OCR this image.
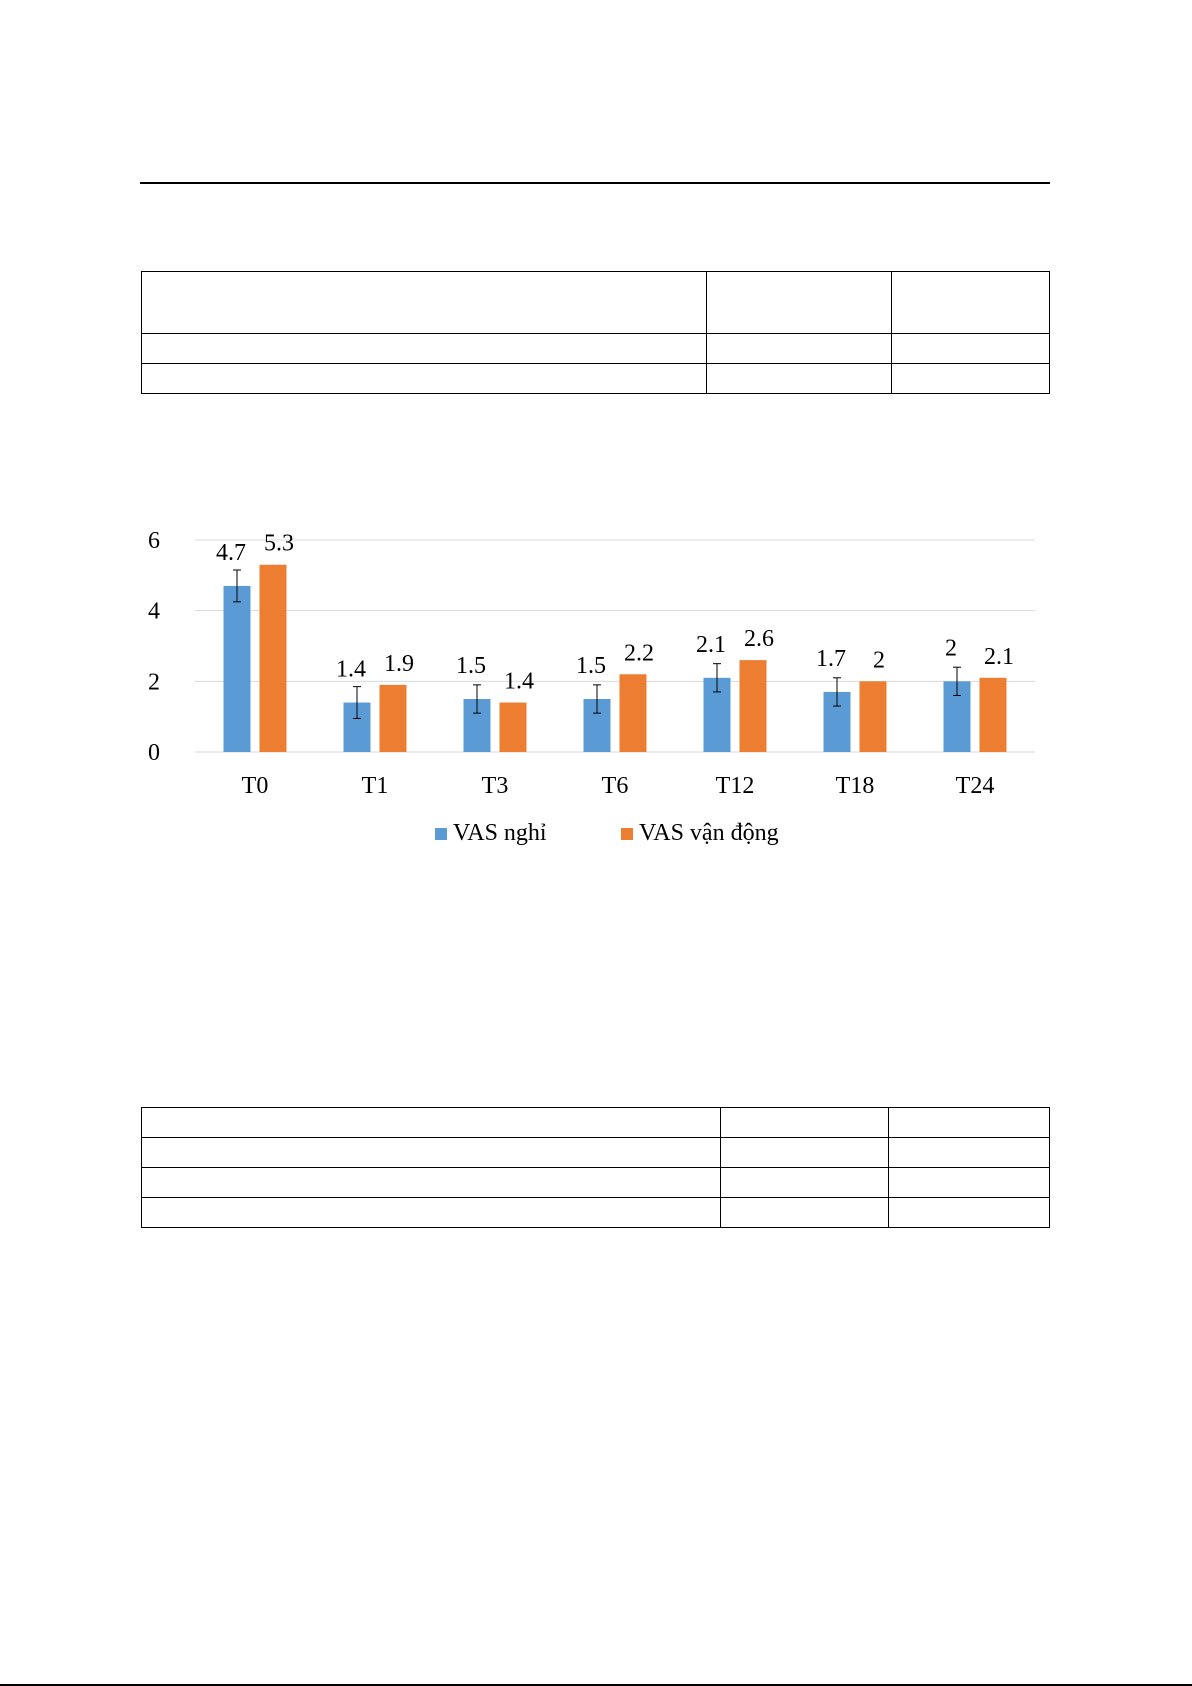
0
2
4
6 4.7 5.3
1.4 1.9 1.5
1.4
1.5 2.2 2.1 2.6
1.7 2	2 2.1
T0	T1	T3	T6	T12	T18	T24
VAS nghỉ	VAS vận động
